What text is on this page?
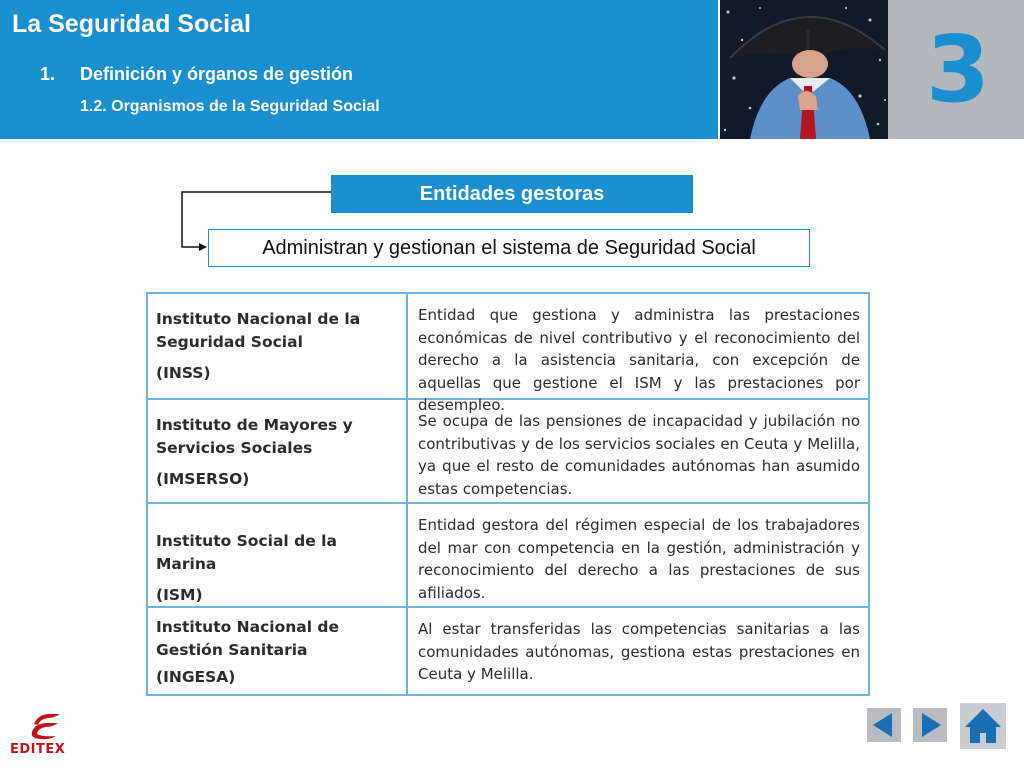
La Seguridad Social
1. Definición y órganos de gestión
1.2. Organismos de la Seguridad Social	3
Entidades gestoras
Administran y gestionan el sistema de Seguridad Social
Instituto Nacional de la Seguridad Social
(INSS)
Entidad que gestiona y administra las prestaciones económicas de nivel contributivo y el reconocimiento del derecho a la asistencia sanitaria, con excepción de aquellas que gestione el ISM y las prestaciones por desempleo.
Instituto de Mayores y Servicios Sociales
(IMSERSO)
Se ocupa de las pensiones de incapacidad y jubilación no contributivas y de los servicios sociales en Ceuta y Melilla, ya que el resto de comunidades autónomas han asumido estas competencias.
Instituto Social de la Marina
(ISM)
Entidad gestora del régimen especial de los trabajadores del mar con competencia en la gestión, administración y reconocimiento del derecho a las prestaciones de sus afiliados.
Instituto Nacional de Gestión Sanitaria
(INGESA)
Al estar transferidas las competencias sanitarias a las comunidades autónomas, gestiona estas prestaciones en Ceuta y Melilla.
EDITEX
